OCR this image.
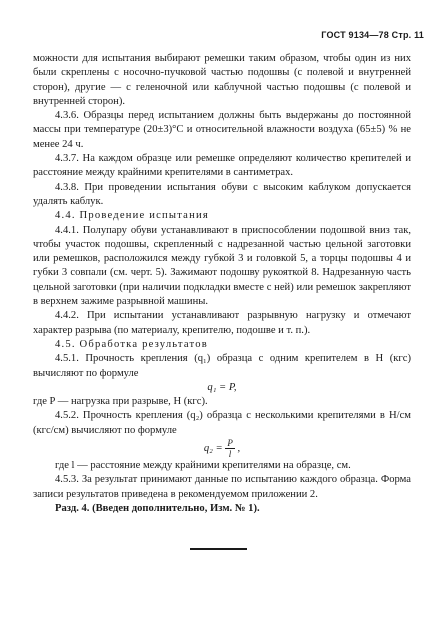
ГОСТ 9134—78 Стр. 11

можности для испытания выбирают ремешки таким образом, чтобы один из них были скреплены с носочно-пучковой частью подошвы (с полевой и внутренней сторон), другие — с геленочной или каблучной частью подошвы (с полевой и внутренней сторон).

4.3.6. Образцы перед испытанием должны быть выдержаны до постоянной массы при температуре (20±3)°C и относительной влажности воздуха (65±5) % не менее 24 ч.

4.3.7. На каждом образце или ремешке определяют количество крепителей и расстояние между крайними крепителями в сантиметрах.

4.3.8. При проведении испытания обуви с высоким каблуком допускается удалять каблук.

4.4. Проведение испытания

4.4.1. Полупару обуви устанавливают в приспособлении подошвой вниз так, чтобы участок подошвы, скрепленный с надрезанной частью цельной заготовки или ремешков, расположился между губкой 3 и головкой 5, а торцы подошвы 4 и губки 3 совпали (см. черт. 5). Зажимают подошву рукояткой 8. Надрезанную часть цельной заготовки (при наличии подкладки вместе с ней) или ремешок закрепляют в верхнем зажиме разрывной машины.

4.4.2. При испытании устанавливают разрывную нагрузку и отмечают характер разрыва (по материалу, крепителю, подошве и т. п.).

4.5. Обработка результатов

4.5.1. Прочность крепления (q₁) образца с одним крепителем в Н (кгс) вычисляют по формуле

q₁ = P,

где P — нагрузка при разрыве, Н (кгс).

4.5.2. Прочность крепления (q₂) образца с несколькими крепителями в Н/см (кгс/см) вычисляют по формуле

$q_2 = \frac{P}{l}$ ,

где l — расстояние между крайними крепителями на образце, см.

4.5.3. За результат принимают данные по испытанию каждого образца. Форма записи результатов приведена в рекомендуемом приложении 2.

Разд. 4. (Введен дополнительно, Изм. № 1).
